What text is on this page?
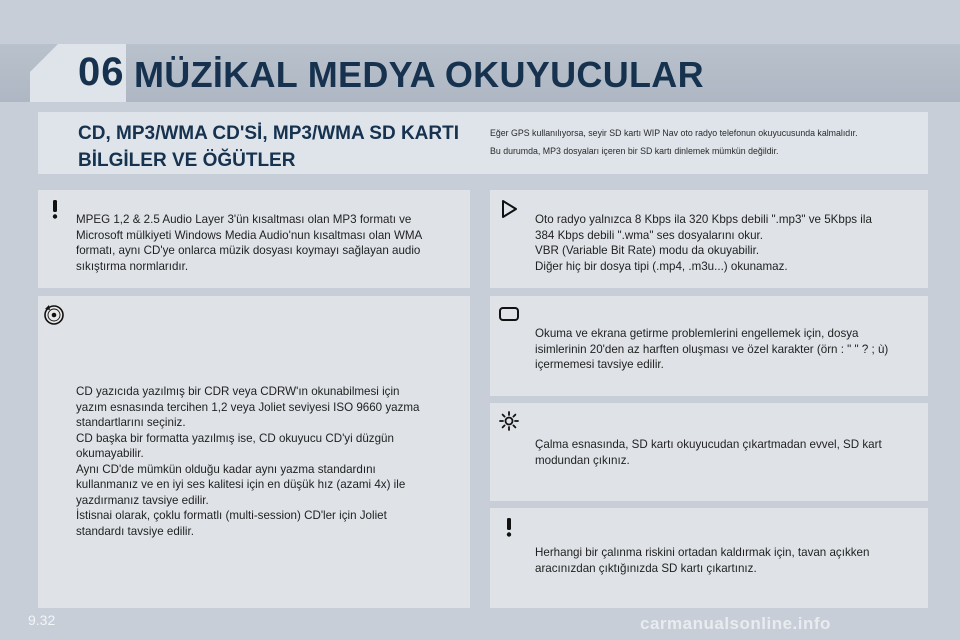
06 MÜZİKAL MEDYA OKUYUCULAR
CD, MP3/WMA CD'Sİ, MP3/WMA SD KARTI
BİLGİLER VE ÖĞÜTLER
Eğer GPS kullanılıyorsa, seyir SD kartı WIP Nav oto radyo telefonun okuyucusunda kalmalıdır.
Bu durumda, MP3 dosyaları içeren bir SD kartı dinlemek mümkün değildir.
MPEG 1,2 & 2.5 Audio Layer 3'ün kısaltması olan MP3 formatı ve
Microsoft mülkiyeti Windows Media Audio'nun kısaltması olan WMA
formatı, aynı CD'ye onlarca müzik dosyası koymayı sağlayan audio
sıkıştırma normlarıdır.
CD yazıcıda yazılmış bir CDR veya CDRW'ın okunabilmesi için
yazım esnasında tercihen 1,2 veya Joliet seviyesi ISO 9660 yazma
standartlarını seçiniz.
CD başka bir formatta yazılmış ise, CD okuyucu CD'yi düzgün
okumayabilir.
Aynı CD'de mümkün olduğu kadar aynı yazma standardını
kullanmanız ve en iyi ses kalitesi için en düşük hız (azami 4x) ile
yazdırmanız tavsiye edilir.
İstisnai olarak, çoklu formatlı (multi-session) CD'ler için Joliet
standardı tavsiye edilir.
Oto radyo yalnızca 8 Kbps ila 320 Kbps debili ".mp3" ve 5Kbps ila
384 Kbps debili ".wma" ses dosyalarını okur.
VBR (Variable Bit Rate) modu da okuyabilir.
Diğer hiç bir dosya tipi (.mp4, .m3u...) okunamaz.
Okuma ve ekrana getirme problemlerini engellemek için, dosya
isimlerinin 20'den az harften oluşması ve özel karakter (örn : " " ? ; ù)
içermemesi tavsiye edilir.
Çalma esnasında, SD kartı okuyucudan çıkartmadan evvel, SD kart
modundan çıkınız.
Herhangi bir çalınma riskini ortadan kaldırmak için, tavan açıkken
aracınızdan çıktığınızda SD kartı çıkartınız.
9.32	carmanualsonline.info
